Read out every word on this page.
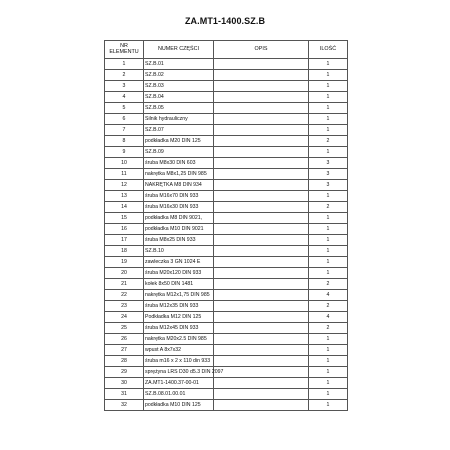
ZA.MT1-1400.SZ.B
NR
ELEMENTU	NUMER CZĘŚCI	OPIS	ILOŚĆ
1	SZ.B.01		1
2	SZ.B.02		1
3	SZ.B.03		1
4	SZ.B.04		1
5	SZ.B.05		1
6	Silnik hydrauliczny		1
7	SZ.B.07		1
8	podkładka M20 DIN 125		2
9	SZ.B.09		1
10	śruba M8x30 DIN 603		3
11	nakrętka M8x1,25 DIN 985		3
12	NAKRĘTKA M8 DIN 934		3
13	śruba M16x70 DIN 933		1
14	śruba M16x30 DIN 933		2
15	podkładka M8 DIN 9021,		1
16	podkładka M10 DIN 9021		1
17	śruba M8x25 DIN 933		1
18	SZ.B.10		1
19	zawleczka 3 GN 1024 E		1
20	śruba M20x120 DIN 933		1
21	kołek 8x50 DIN 1481		2
22	nakrętka M12x1,75 DIN 985		4
23	śruba M12x35 DIN 933		2
24	Podkładka M12 DIN 125		4
25	śruba M12x45 DIN 933		2
26	nakrętka M20x2.5 DIN 985		1
27	wpust A 8x7x32		1
28	śruba m16 x 2 x 110 din 933		1
29	sprężyna LRS D30 d5.3 DIN 2097		1
30	ZA.MT1-1400.37-00-01		1
31	SZ.B.08.01.00.01		1
32	podkładka M10 DIN 125		1
